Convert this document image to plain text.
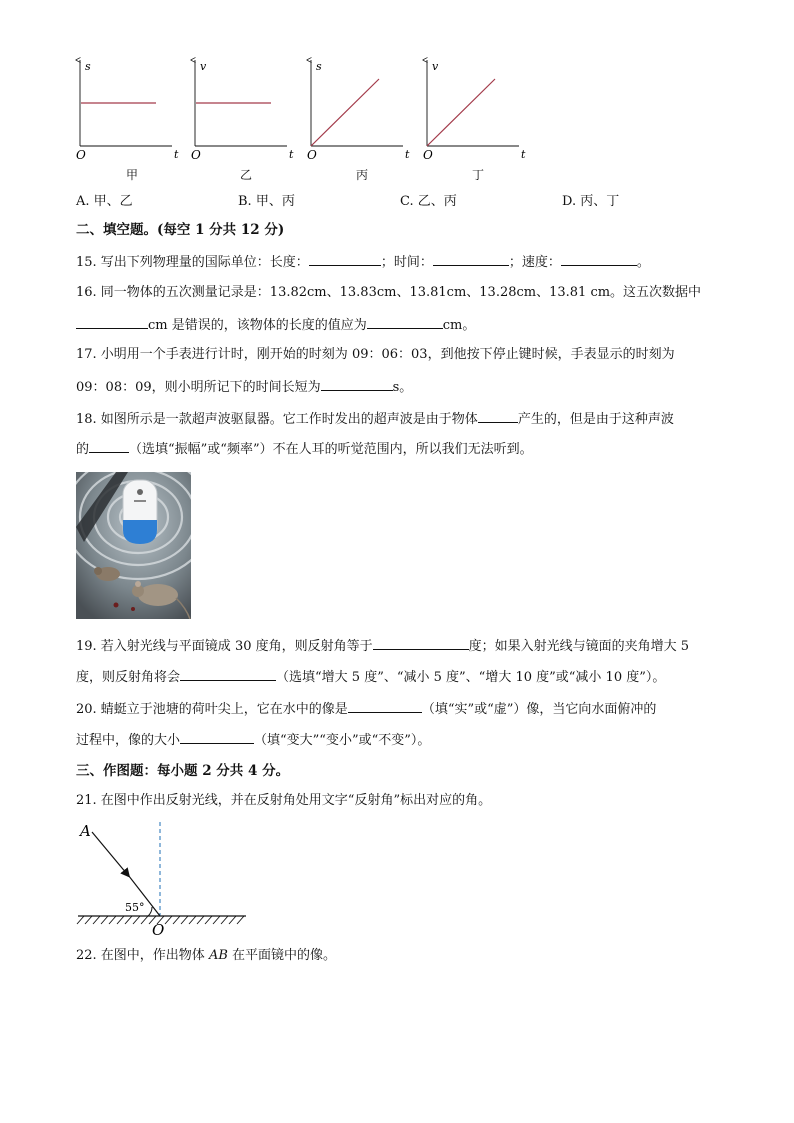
s
t
O
v
t
O
s
t
O
v
t
O
甲	乙	丙	丁
A. 甲、乙	B. 甲、丙	C. 乙、丙	D. 丙、丁
二、填空题。(每空 1 分共 12 分)
15. 写出下列物理量的国际单位：长度：	；时间：	；速度：	。
16. 同一物体的五次测量记录是：13.82cm、13.83cm、13.81cm、13.28cm、13.81 cm。这五次数据中
cm 是错误的，该物体的长度的值应为	cm。
17. 小明用一个手表进行计时，刚开始的时刻为 09：06：03，到他按下停止键时候，手表显示的时刻为
09：08：09，则小明所记下的时间长短为	s。
18. 如图所示是一款超声波驱鼠器。它工作时发出的超声波是由于物体	产生的，但是由于这种声波
的	（选填“振幅”或“频率”）不在人耳的听觉范围内，所以我们无法听到。
19. 若入射光线与平面镜成 30 度角，则反射角等于	度；如果入射光线与镜面的夹角增大 5
度，则反射角将会	（选填“增大 5 度”、“减小 5 度”、“增大 10 度”或“减小 10 度”）。
20. 蜻蜓立于池塘的荷叶尖上，它在水中的像是	（填“实”或“虚”）像，当它向水面俯冲的
过程中，像的大小	（填“变大”“变小”或“不变”）。
三、作图题：每小题 2 分共 4 分。
21. 在图中作出反射光线，并在反射角处用文字“反射角”标出对应的角。
A
O
55°
22. 在图中，作出物体 AB 在平面镜中的像。
